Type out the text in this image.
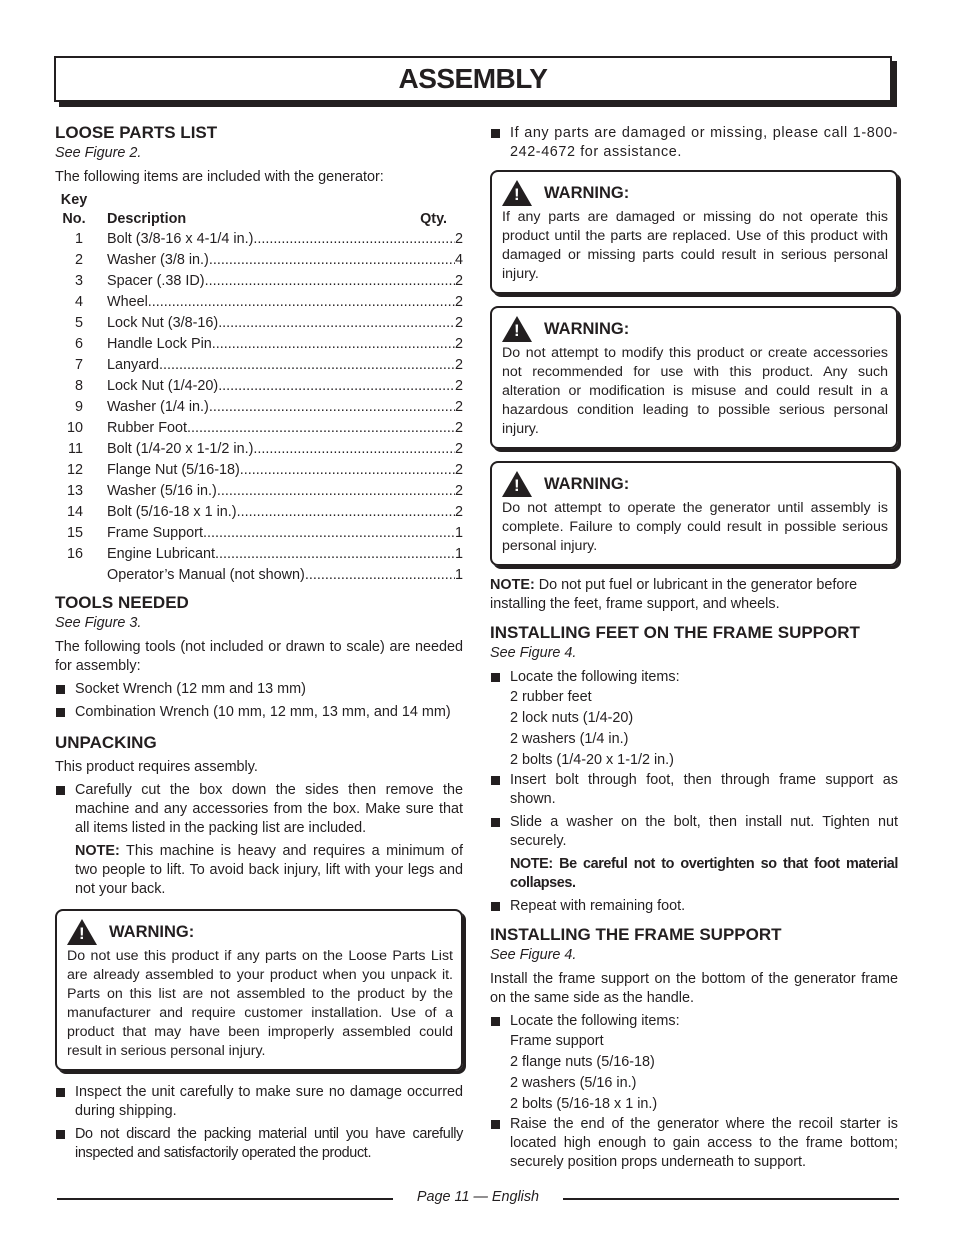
ASSEMBLY
LOOSE PARTS LIST
See Figure 2.

The following items are included with the generator:

Key
No.	Description	Qty.
1 Bolt (3/8-16 x 4-1/4 in.) .....	2
2 Washer (3/8 in.) .....	4
3 Spacer (.38 ID) .....	2
4 Wheel .....	2
5 Lock Nut (3/8-16) .....	2
6 Handle Lock Pin .....	2
7 Lanyard .....	2
8 Lock Nut (1/4-20) .....	2
9 Washer (1/4 in.) .....	2
10 Rubber Foot .....	2
11 Bolt (1/4-20 x 1-1/2 in.) .....	2
12 Flange Nut (5/16-18) .....	2
13 Washer (5/16 in.) .....	2
14 Bolt (5/16-18 x 1 in.) .....	2
15 Frame Support .....	1
16 Engine Lubricant .....	1
Operator’s Manual (not shown) .....	1
TOOLS NEEDED
See Figure 3.

The following tools (not included or drawn to scale) are needed for assembly:

Socket Wrench (12 mm and 13 mm)
Combination Wrench (10 mm, 12 mm, 13 mm, and 14 mm)
UNPACKING

This product requires assembly.

Carefully cut the box down the sides then remove the machine and any accessories from the box. Make sure that all items listed in the packing list are included.

NOTE: This machine is heavy and requires a minimum of two people to lift. To avoid back injury, lift with your legs and not your back.

!
WARNING:
Do not use this product if any parts on the Loose Parts List are already assembled to your product when you unpack it. Parts on this list are not assembled to the product by the manufacturer and require customer installation. Use of a product that may have been improperly assembled could result in serious personal injury.
Inspect the unit carefully to make sure no damage occurred during shipping.
Do not discard the packing material until you have carefully inspected and satisfactorily operated the product.
If any parts are damaged or missing, please call 1-800-242-4672 for assistance.
!
WARNING:
If any parts are damaged or missing do not operate this product until the parts are replaced. Use of this product with damaged or missing parts could result in serious personal injury.
!
WARNING:
Do not attempt to modify this product or create accessories not recommended for use with this product. Any such alteration or modification is misuse and could result in a hazardous condition leading to possible serious personal injury.
!
WARNING:
Do not attempt to operate the generator until assembly is complete. Failure to comply could result in possible serious personal injury.

NOTE: Do not put fuel or lubricant in the generator before installing the feet, frame support, and wheels.

INSTALLING FEET ON THE FRAME SUPPORT
See Figure 4.
Locate the following items:
2 rubber feet
2 lock nuts (1/4-20)
2 washers (1/4 in.)
2 bolts (1/4-20 x 1-1/2 in.)
Insert bolt through foot, then through frame support as shown.
Slide a washer on the bolt, then install nut. Tighten nut securely.

NOTE: Be careful not to overtighten so that foot material collapses.

Repeat with remaining foot.
INSTALLING THE FRAME SUPPORT
See Figure 4.

Install the frame support on the bottom of the generator frame on the same side as the handle.

Locate the following items:
Frame support
2 flange nuts (5/16-18)
2 washers (5/16 in.)
2 bolts (5/16-18 x 1 in.)
Raise the end of the generator where the recoil starter is located high enough to gain access to the frame bottom; securely position props underneath to support.
Page 11 — English
